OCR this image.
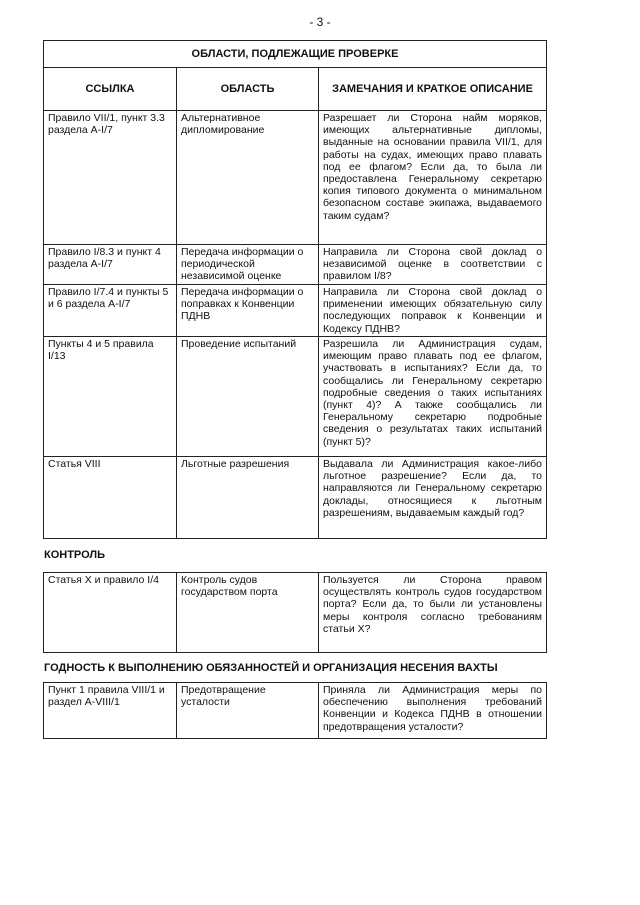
- 3 -
ОБЛАСТИ, ПОДЛЕЖАЩИЕ ПРОВЕРКЕ		
ССЫЛКА	ОБЛАСТЬ	ЗАМЕЧАНИЯ И КРАТКОЕ ОПИСАНИЕ
Правило VII/1, пункт 3.3 раздела A-I/7	Альтернативное дипломирование	Разрешает ли Сторона найм моряков, имеющих альтернативные дипломы, выданные на основании правила VII/1, для работы на судах, имеющих право плавать под ее флагом? Если да, то была ли предоставлена Генеральному секретарю копия типового документа о минимальном безопасном составе экипажа, выдаваемого таким судам?
Правило I/8.3 и пункт 4 раздела A-I/7	Передача информации о периодической независимой оценке	Направила ли Сторона свой доклад о независимой оценке в соответствии с правилом I/8?
Правило I/7.4 и пункты 5 и 6 раздела A-I/7	Передача информации о поправках к Конвенции ПДНВ	Направила ли Сторона свой доклад о применении имеющих обязательную силу последующих поправок к Конвенции и Кодексу ПДНВ?
Пункты 4 и 5 правила I/13	Проведение испытаний	Разрешила ли Администрация судам, имеющим право плавать под ее флагом, участвовать в испытаниях? Если да, то сообщались ли Генеральному секретарю подробные сведения о таких испытаниях (пункт 4)? А также сообщались ли Генеральному секретарю подробные сведения о результатах таких испытаний (пункт 5)?
Статья VIII	Льготные разрешения	Выдавала ли Администрация какое-либо льготное разрешение? Если да, то направляются ли Генеральному секретарю доклады, относящиеся к льготным разрешениям, выдаваемым каждый год?
КОНТРОЛЬ
Статья X и правило I/4	Контроль судов государством порта	Пользуется ли Сторона правом осуществлять контроль судов государством порта? Если да, то были ли установлены меры контроля согласно требованиям статьи X?
ГОДНОСТЬ К ВЫПОЛНЕНИЮ ОБЯЗАННОСТЕЙ И ОРГАНИЗАЦИЯ НЕСЕНИЯ ВАХТЫ
Пункт 1 правила VIII/1 и раздел A-VIII/1	Предотвращение усталости	Приняла ли Администрация меры по обеспечению выполнения требований Конвенции и Кодекса ПДНВ в отношении предотвращения усталости?
